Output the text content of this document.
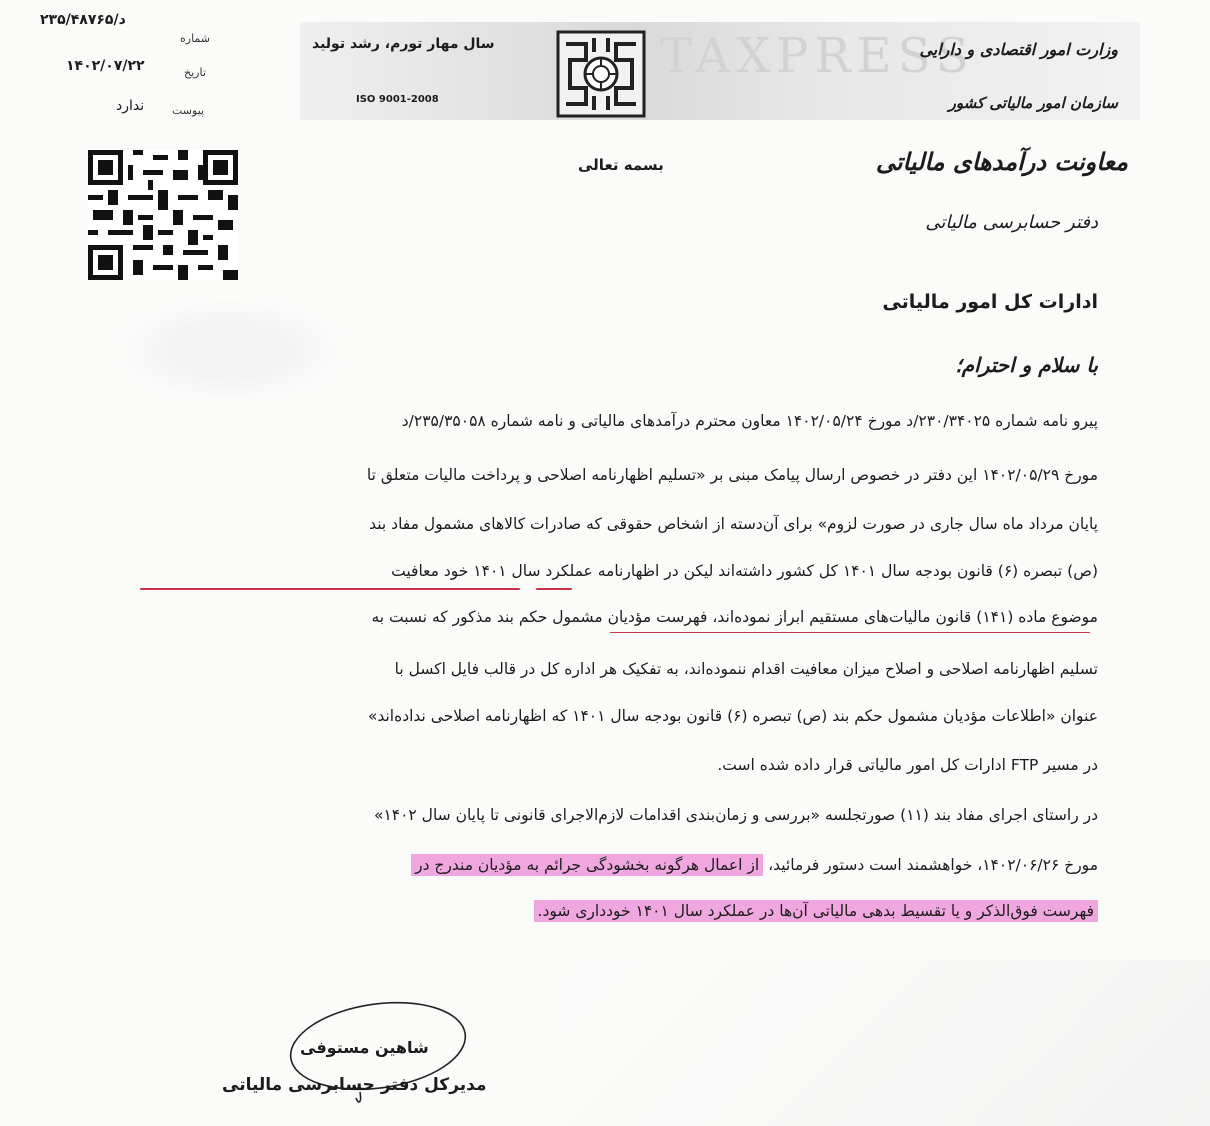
TAXPRESS
وزارت امور اقتصادی و دارایی
سازمان امور مالیاتی کشور
سال مهار تورم، رشد تولید
ISO 9001-2008
د/۲۳۵/۴۸۷۶۵
شماره
۱۴۰۲/۰۷/۲۲	تاریخ
ندارد	پیوست
بسمه تعالی	معاونت درآمدهای مالیاتی
دفتر حسابرسی مالیاتی
ادارات کل امور مالیاتی
با سلام و احترام؛
پیرو نامه شماره ۲۳۰/۳۴۰۲۵/د مورخ ۱۴۰۲/۰۵/۲۴ معاون محترم درآمدهای مالیاتی و نامه شماره ۲۳۵/۳۵۰۵۸/د
مورخ ۱۴۰۲/۰۵/۲۹ این دفتر در خصوص ارسال پیامک مبنی بر «تسلیم اظهارنامه اصلاحی و پرداخت مالیات متعلق تا
پایان مرداد ماه سال جاری در صورت لزوم» برای آن‌دسته از اشخاص حقوقی که صادرات کالاهای مشمول مفاد بند
(ص) تبصره (۶) قانون بودجه سال ۱۴۰۱ کل کشور داشته‌اند لیکن در اظهارنامه عملکرد سال ۱۴۰۱ خود معافیت
موضوع ماده (۱۴۱) قانون مالیات‌های مستقیم ابراز نموده‌اند، فهرست مؤدیان مشمول حکم بند مذکور که نسبت به
تسلیم اظهارنامه اصلاحی و اصلاح میزان معافیت اقدام ننموده‌اند، به تفکیک هر اداره کل در قالب فایل اکسل با
عنوان «اطلاعات مؤدیان مشمول حکم بند (ص) تبصره (۶) قانون بودجه سال ۱۴۰۱ که اظهارنامه اصلاحی نداده‌اند»
در مسیر FTP ادارات کل امور مالیاتی قرار داده شده است.
در راستای اجرای مفاد بند (۱۱) صورتجلسه «بررسی و زمان‌بندی اقدامات لازم‌الاجرای قانونی تا پایان سال ۱۴۰۲»
مورخ ۱۴۰۲/۰۶/۲۶، خواهشمند است دستور فرمائید، از اعمال هرگونه بخشودگی جرائم به مؤدیان مندرج در
فهرست فوق‌الذکر و یا تقسیط بدهی مالیاتی آن‌ها در عملکرد سال ۱۴۰۱ خودداری شود.
شاهین مستوفی
مدیرکل دفتر حسابرسی مالیاتی
